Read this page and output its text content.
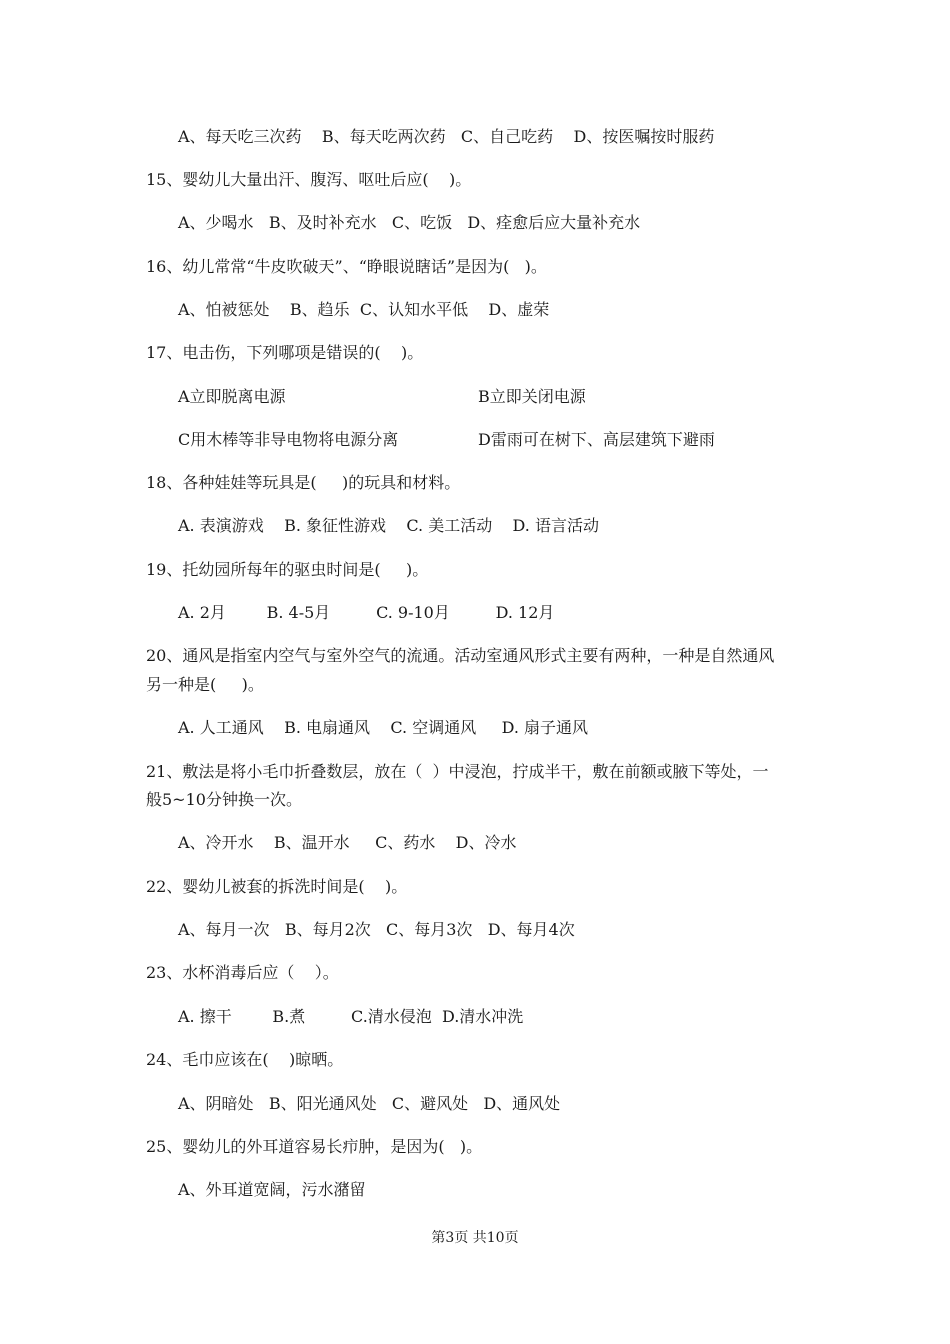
A、每天吃三次药    B、每天吃两次药   C、自己吃药    D、按医嘱按时服药
15、婴幼儿大量出汗、腹泻、呕吐后应(    )。
A、少喝水   B、及时补充水   C、吃饭   D、痊愈后应大量补充水
16、幼儿常常“牛皮吹破天”、“睁眼说瞎话”是因为(   )。
A、怕被惩处    B、趋乐  C、认知水平低    D、虚荣
17、电击伤，下列哪项是错误的(    )。
A立即脱离电源	B立即关闭电源
C用木棒等非导电物将电源分离	D雷雨可在树下、高层建筑下避雨
18、各种娃娃等玩具是(     )的玩具和材料。
A. 表演游戏    B. 象征性游戏    C. 美工活动    D. 语言活动
19、托幼园所每年的驱虫时间是(     )。
A. 2月        B. 4-5月         C. 9-10月         D. 12月
20、通风是指室内空气与室外空气的流通。活动室通风形式主要有两种，一种是自然通风
另一种是(     )。
A. 人工通风    B. 电扇通风    C. 空调通风     D. 扇子通风
21、敷法是将小毛巾折叠数层，放在（  ）中浸泡，拧成半干，敷在前额或腋下等处，一
般5~10分钟换一次。
A、冷开水    B、温开水     C、药水    D、冷水
22、婴幼儿被套的拆洗时间是(    )。
A、每月一次   B、每月2次   C、每月3次   D、每月4次
23、水杯消毒后应（    ）。
A. 擦干        B.煮         C.清水侵泡  D.清水冲洗
24、毛巾应该在(    )晾晒。
A、阴暗处   B、阳光通风处   C、避风处   D、通风处
25、婴幼儿的外耳道容易长疖肿，是因为(   )。
A、外耳道宽阔，污水潴留
第3页 共10页
